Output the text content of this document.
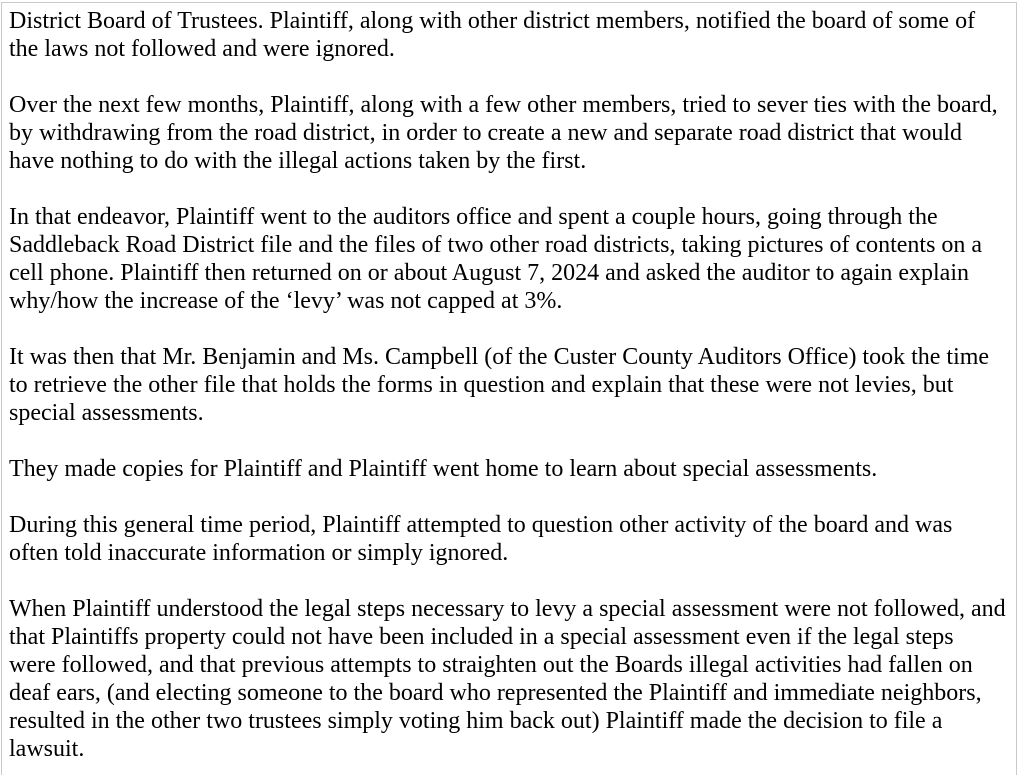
District Board of Trustees. Plaintiff, along with other district members, notified the board of some of
the laws not followed and were ignored.

Over the next few months, Plaintiff, along with a few other members, tried to sever ties with the board,
by withdrawing from the road district, in order to create a new and separate road district that would
have nothing to do with the illegal actions taken by the first.

In that endeavor, Plaintiff went to the auditors office and spent a couple hours, going through the
Saddleback Road District file and the files of two other road districts, taking pictures of contents on a
cell phone. Plaintiff then returned on or about August 7, 2024 and asked the auditor to again explain
why/how the increase of the ‘levy’ was not capped at 3%.

It was then that Mr. Benjamin and Ms. Campbell (of the Custer County Auditors Office) took the time
to retrieve the other file that holds the forms in question and explain that these were not levies, but
special assessments.

They made copies for Plaintiff and Plaintiff went home to learn about special assessments.

During this general time period, Plaintiff attempted to question other activity of the board and was
often told inaccurate information or simply ignored.

When Plaintiff understood the legal steps necessary to levy a special assessment were not followed, and
that Plaintiffs property could not have been included in a special assessment even if the legal steps
were followed, and that previous attempts to straighten out the Boards illegal activities had fallen on
deaf ears, (and electing someone to the board who represented the Plaintiff and immediate neighbors,
resulted in the other two trustees simply voting him back out) Plaintiff made the decision to file a
lawsuit.
